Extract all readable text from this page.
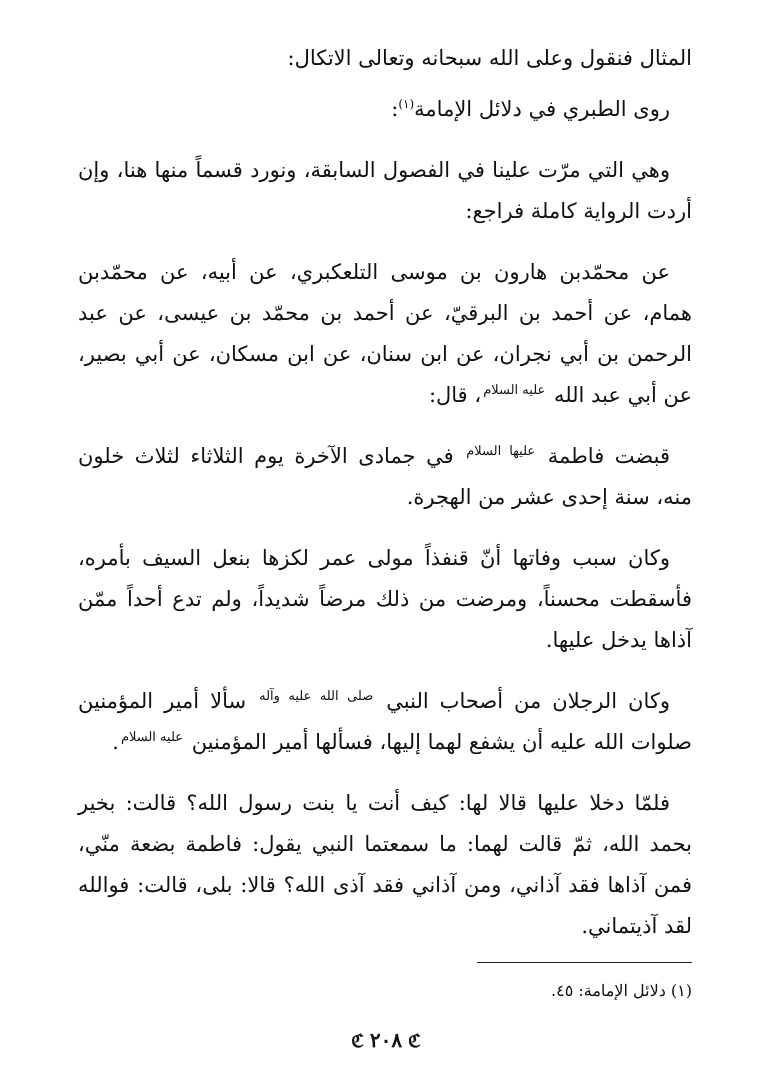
المثال فنقول وعلى الله سبحانه وتعالى الاتكال:

روى الطبري في دلائل الإمامة$^{(١)}$:

وهي التي مرّت علينا في الفصول السابقة، ونورد قسماً منها هنا، وإن أردت الرواية كاملة فراجع:

عن محمّدبن هارون بن موسى التلعكبري، عن أبيه، عن محمّدبن همام، عن أحمد بن البرقيّ، عن أحمد بن محمّد بن عيسى، عن عبد الرحمن بن أبي نجران، عن ابن سنان، عن ابن مسكان، عن أبي بصير، عن أبي عبد الله $^{عليه السلام}$، قال:

قبضت فاطمة $^{عليها السلام}$ في جمادى الآخرة يوم الثلاثاء لثلاث خلون منه، سنة إحدى عشر من الهجرة.

وكان سبب وفاتها أنّ قنفذاً مولى عمر لكزها بنعل السيف بأمره، فأسقطت محسناً، ومرضت من ذلك مرضاً شديداً، ولم تدع أحداً ممّن آذاها يدخل عليها.

وكان الرجلان من أصحاب النبي $^{صلى الله عليه وآله}$ سألا أمير المؤمنين صلوات الله عليه أن يشفع لهما إليها، فسألها أمير المؤمنين $^{عليه السلام}$.

فلمّا دخلا عليها قالا لها: كيف أنت يا بنت رسول الله؟ قالت: بخير بحمد الله، ثمّ قالت لهما: ما سمعتما النبي يقول: فاطمة بضعة منّي، فمن آذاها فقد آذاني، ومن آذاني فقد آذى الله؟ قالا: بلى، قالت: فوالله لقد آذيتماني.

(١) دلائل الإمامة: ٤٥.
ℭ ٢٠٨ ℭ
